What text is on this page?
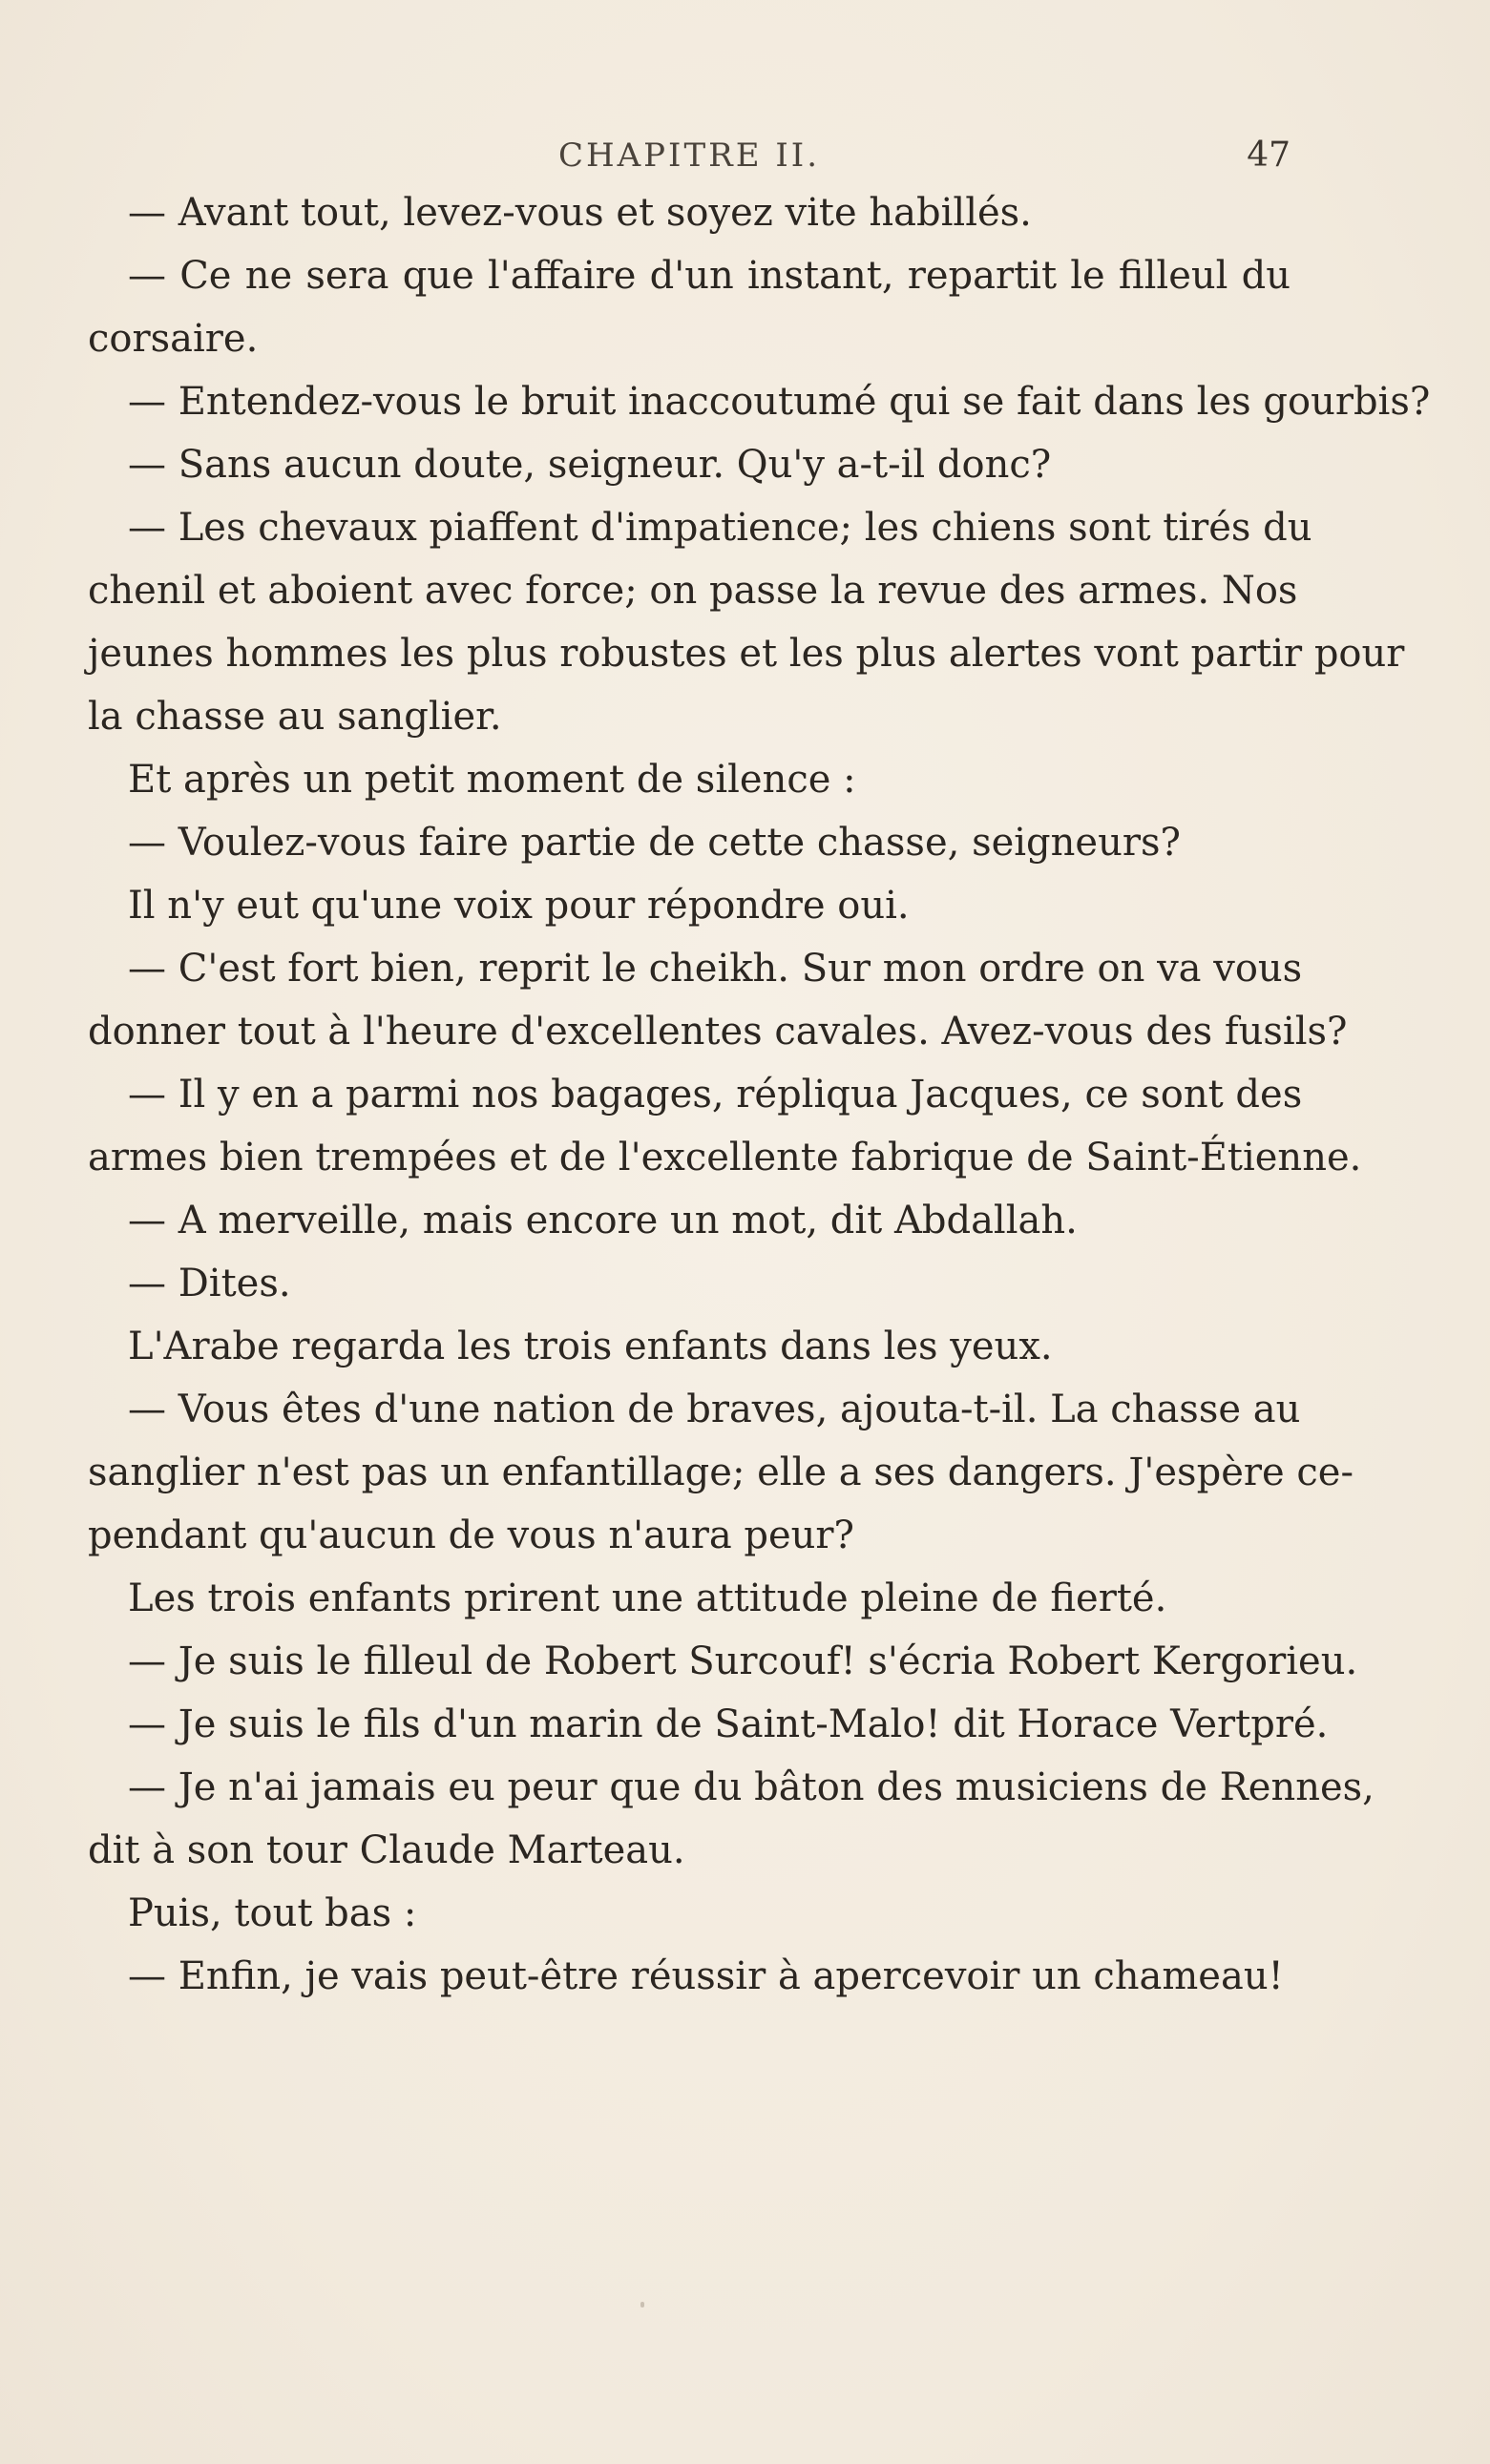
CHAPITRE II.	47
— Avant tout, levez-vous et soyez vite habillés.
— Ce ne sera que l'affaire d'un instant, repartit le filleul du
corsaire.
— Entendez-vous le bruit inaccoutumé qui se fait dans les gourbis?
— Sans aucun doute, seigneur. Qu'y a-t-il donc?
— Les chevaux piaffent d'impatience; les chiens sont tirés du
chenil et aboient avec force; on passe la revue des armes. Nos
jeunes hommes les plus robustes et les plus alertes vont partir pour
la chasse au sanglier.
Et après un petit moment de silence :
— Voulez-vous faire partie de cette chasse, seigneurs?
Il n'y eut qu'une voix pour répondre oui.
— C'est fort bien, reprit le cheikh. Sur mon ordre on va vous
donner tout à l'heure d'excellentes cavales. Avez-vous des fusils?
— Il y en a parmi nos bagages, répliqua Jacques, ce sont des
armes bien trempées et de l'excellente fabrique de Saint-Étienne.
— A merveille, mais encore un mot, dit Abdallah.
— Dites.
L'Arabe regarda les trois enfants dans les yeux.
— Vous êtes d'une nation de braves, ajouta-t-il. La chasse au
sanglier n'est pas un enfantillage; elle a ses dangers. J'espère ce-
pendant qu'aucun de vous n'aura peur?
Les trois enfants prirent une attitude pleine de fierté.
— Je suis le filleul de Robert Surcouf! s'écria Robert Kergorieu.
— Je suis le fils d'un marin de Saint-Malo! dit Horace Vertpré.
— Je n'ai jamais eu peur que du bâton des musiciens de Rennes,
dit à son tour Claude Marteau.
Puis, tout bas :
— Enfin, je vais peut-être réussir à apercevoir un chameau!
